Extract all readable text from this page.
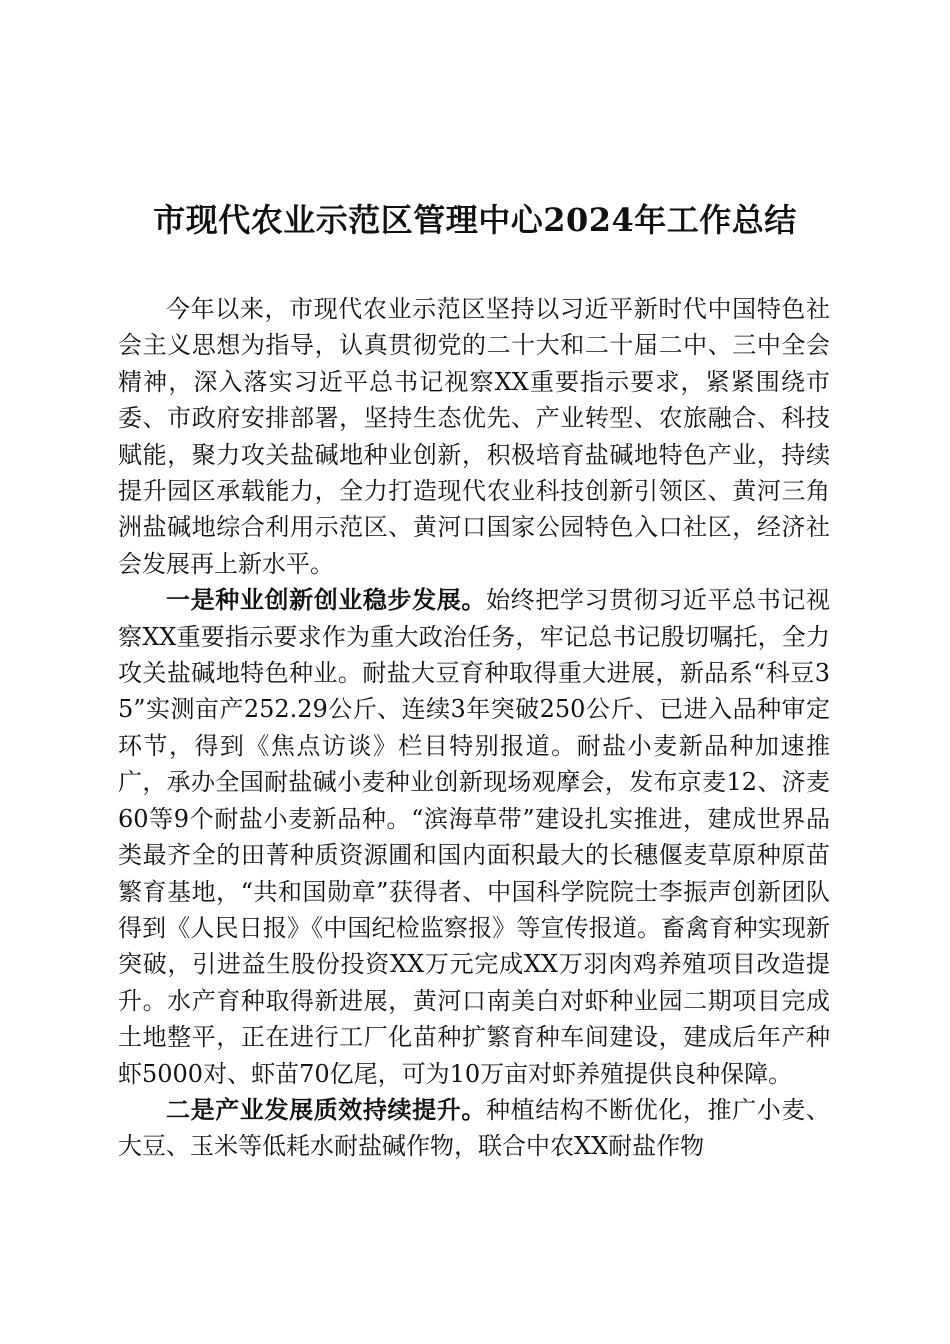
市现代农业示范区管理中心2024年工作总结

今年以来，市现代农业示范区坚持以习近平新时代中国特色社会主义思想为指导，认真贯彻党的二十大和二十届二中、三中全会精神，深入落实习近平总书记视察XX重要指示要求，紧紧围绕市委、市政府安排部署，坚持生态优先、产业转型、农旅融合、科技赋能，聚力攻关盐碱地种业创新，积极培育盐碱地特色产业，持续提升园区承载能力，全力打造现代农业科技创新引领区、黄河三角洲盐碱地综合利用示范区、黄河口国家公园特色入口社区，经济社会发展再上新水平。

一是种业创新创业稳步发展。始终把学习贯彻习近平总书记视察XX重要指示要求作为重大政治任务，牢记总书记殷切嘱托，全力攻关盐碱地特色种业。耐盐大豆育种取得重大进展，新品系“科豆35”实测亩产252.29公斤、连续3年突破250公斤、已进入品种审定环节，得到《焦点访谈》栏目特别报道。耐盐小麦新品种加速推广，承办全国耐盐碱小麦种业创新现场观摩会，发布京麦12、济麦60等9个耐盐小麦新品种。“滨海草带”建设扎实推进，建成世界品类最齐全的田菁种质资源圃和国内面积最大的长穗偃麦草原种原苗繁育基地，“共和国勋章”获得者、中国科学院院士李振声创新团队得到《人民日报》《中国纪检监察报》等宣传报道。畜禽育种实现新突破，引进益生股份投资XX万元完成XX万羽肉鸡养殖项目改造提升。水产育种取得新进展，黄河口南美白对虾种业园二期项目完成土地整平，正在进行工厂化苗种扩繁育种车间建设，建成后年产种虾5000对、虾苗70亿尾，可为10万亩对虾养殖提供良种保障。

二是产业发展质效持续提升。种植结构不断优化，推广小麦、大豆、玉米等低耗水耐盐碱作物，联合中农XX耐盐作物
